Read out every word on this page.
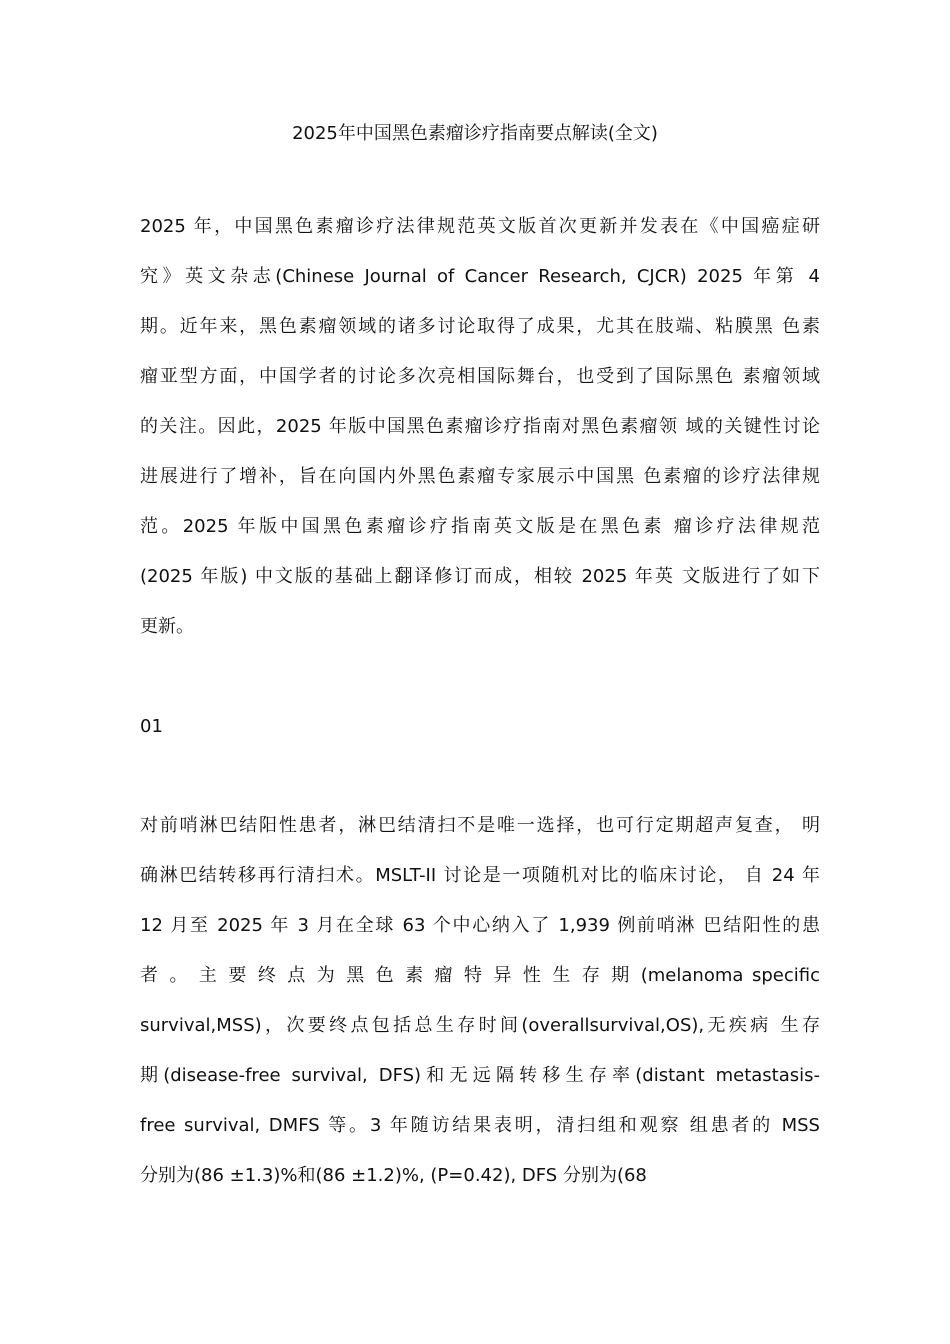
2025年中国黑色素瘤诊疗指南要点解读(全文)
2025 年，中国黑色素瘤诊疗法律规范英文版首次更新并发表在《中国癌症研
究》英文杂志(Chinese Journal of Cancer Research, CJCR) 2025 年第 4
期。近年来，黑色素瘤领域的诸多讨论取得了成果，尤其在肢端、粘膜黑 色素
瘤亚型方面，中国学者的讨论多次亮相国际舞台，也受到了国际黑色 素瘤领域
的关注。因此，2025 年版中国黑色素瘤诊疗指南对黑色素瘤领 域的关键性讨论
进展进行了增补，旨在向国内外黑色素瘤专家展示中国黑 色素瘤的诊疗法律规
范。2025 年版中国黑色素瘤诊疗指南英文版是在黑色素 瘤诊疗法律规范
(2025 年版) 中文版的基础上翻译修订而成，相较 2025 年英 文版进行了如下
更新。
01
对前哨淋巴结阳性患者，淋巴结清扫不是唯一选择，也可行定期超声复查， 明
确淋巴结转移再行清扫术。MSLT-II 讨论是一项随机对比的临床讨论， 自 24 年
12 月至 2025 年 3 月在全球 63 个中心纳入了 1,939 例前哨淋 巴结阳性的患
者 。 主 要 终 点 为 黑 色 素 瘤 特 异 性 生 存 期 (melanoma specific
survival,MSS)，次要终点包括总生存时间(overallsurvival,OS),无疾病 生存
期(disease-free survival, DFS)和无远隔转移生存率(distant metastasis-
free survival, DMFS 等。3 年随访结果表明，清扫组和观察 组患者的 MSS
分别为(86 ±1.3)%和(86 ±1.2)%, (P=0.42), DFS 分别为(68
